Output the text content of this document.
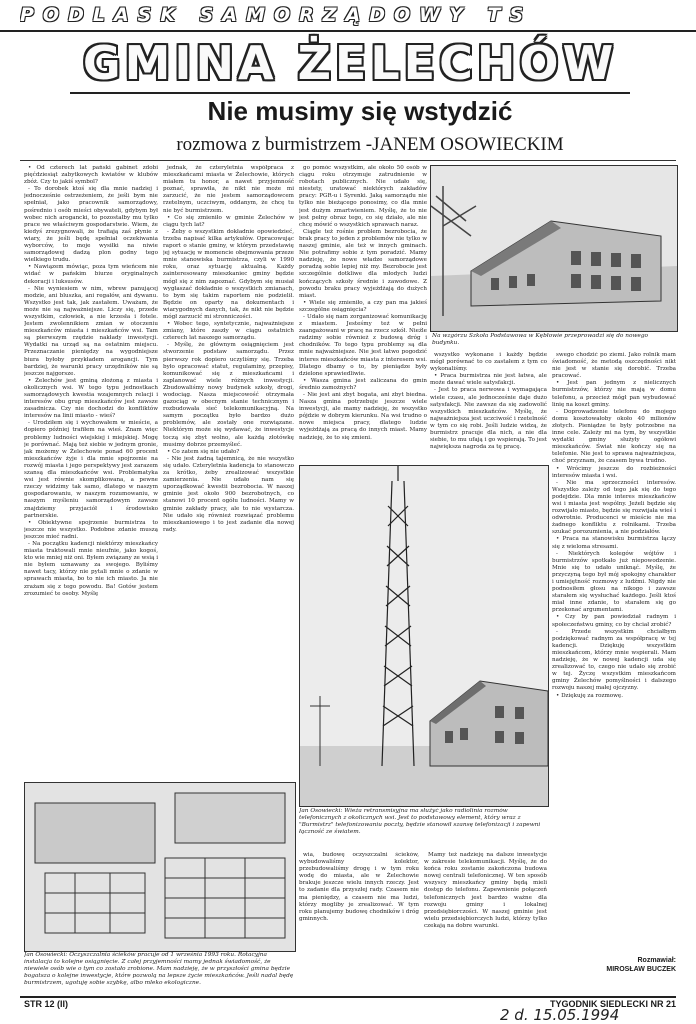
PODLASK SAMORZĄDOWY TS
GMINA ŻELECHÓW
Nie musimy się wstydzić
rozmowa z burmistrzem -JANEM OSOWIECKIM

• Od czterech lat pański gabinet zdobi pięćdziesiąt zabytkowych kwiatów w klubów zbóż. Czy to jakiś symbol?

- To dorobek ktoś się dla mnie nadziej i jednocześnie ostrzeżeniem, że jeśli bym nie spełniał, jako pracownik samorządowy, pośrednio i osób mieści obywateli, gdybym był wobec nich arogancki, to pozostałby mu tylko prace we właściwym gospodarstwie. Wiem, że kiedyś zrezygnowali, że trafiają zaś płynie z wiary, że jeśli będę spełniał oczekiwania wyborców, to moje wysiłki na niwie samorządowej dadzą plon godny tego wielkiego trudu.

• Nawiązem mówiąc, poza tym wieńcem nie widać w pańskim biurze oryginalnych dekoracji i luksusów.

- Nie wyniesiem w nim, wbrew panującej modzie, ani bluszka, ani regałów, ani dywanu. Wszystko jest tak, jak zastałem. Uważam, że może nie są najważniejsze. Liczy się, przede wszystkim, człowiek, a nie krzesła i fotele. Jestem zwolennikiem zmian w otoczeniu mieszkańców miasta i mieszkańców wsi. Tam są pierwszym rzędzie nakłady inwestycji. Wydatki na urząd są na ostatnim miejscu. Przeznaczanie pieniędzy na wygodniejsze biura byłoby przykładem arogancji. Tym bardziej, że warunki pracy urzędników nie są jeszcze najgorsze.

• Żelechów jest gminą złożoną z miasta i okolicznych wsi. W tego typu jednostkach samorządowych kwestia wzajemnych relacji i interesów obu grup mieszkańców jest zawsze zasadnicza. Czy nie dochodzi do konfliktów interesów na linii miasto - wieś?

- Urodziłem się i wychowałem w mieście, a dopiero później trafiłem na wieś. Znam więc problemy ludności wiejskiej i miejskiej. Mogę je porównać. Mają też siebie w jednym gronie, jak możemy w Żelechowie ponad 60 procent mieszkańców żyje i dla mnie spojrzenie na rozwój miasta i jego perspektywy jest zarazem szansą dla mieszkańców wsi. Problematyka wsi jest równie skomplikowana, a pewne rzeczy widzimy tak samo, dlatego w naszym gospodarowaniu, w naszym rozumowaniu, w naszym myśleniu samorządowym zawsze znajdziemy przyjaciół i środowisko partnerskie.

• Obiektywne spojrzenie burmistrza to jeszcze nie wszystko. Podobne zdanie muszą jeszcze mieć radni.

- Na początku kadencji niektórzy mieszkańcy miasta traktowali mnie nieufnie, jako kogoś, kto wie mniej niż oni. Byłem związany ze wsią i nie byłem uznawany za swojego. Byliśmy nawet tacy, którzy nie pytali mnie o zdanie w sprawach miasta, bo to nie ich miasto. Ja nie zrażam się z tego powodu. Ba! Gotów jestem zrozumieć te osoby. Myślę

jednak, że czteryletnia współpraca z mieszkańcami miasta w Żelechowie, których miałem tu honor, a nawet przyjemność poznać, sprawiła, że nikt nie może mi zarzucić, że nie jestem samorządowcem rzetelnym, uczciwym, oddanym, że chcę tu nie być burmistrzem.

• Co się zmieniło w gminie Żelechów w ciągu tych lat?

- Żeby o wszystkim dokładnie opowiedzieć, trzeba napisać kilka artykułów. Opracowując raport o stanie gminy, w którym przedstawię jej sytuację w momencie obejmowania przeze mnie stanowiska burmistrza, czyli w 1990 roku, oraz sytuację aktualną. Każdy zainteresowany mieszkaniec gminy będzie mógł się z nim zapoznać. Gdybym się musiał wygłaszać dokładnie o wszystkich zmianach, to bym się takim raportem nie podzielił. Będzie on oparty na dokumentach i wiarygodnych danych, tak, że nikt nie będzie mógł zarzucić mi stronniczości.

• Wobec tego, syntetycznie, najważniejsze zmiany, które zaszły w ciągu ostatnich czterech lat naszego samorządu.

- Myślę, że głównym osiągnięciem jest stworzenie podstaw samorządu. Przez pierwszy rok dopiero uczyliśmy się. Trzeba było opracować statut, regulaminy, przepisy, komunikować się z mieszkańcami i zaplanować wiele różnych inwestycji. Zbudowaliśmy nowy budynek szkoły, drogi, wodociąg. Nasza miejscowość otrzymała gazociąg w obecnym stanie technicznym i rozbudowała sieć telekomunikacyjną. Na samym początku było bardzo dużo problemów, ale zostały one rozwiązane. Niektórym może się wydawać, że inwestycje toczą się zbyt wolno, ale każdą złotówkę musimy dobrze przemyśleć.

• Co zatem się nie udało?

- Nie jest żadną tajemnicą, że nie wszystko się udało. Czteryletnia kadencja to stanowczo za krótko, żeby zrealizować wszystkie zamierzenia. Nie udało nam się uporządkować kwestii bezrobocia. W naszej gminie jest około 900 bezrobotnych, co stanowi 10 procent ogółu ludności. Mamy w gminie zakłady pracy, ale to nie wystarcza. Nie udało się również rozwiązać problemu mieszkaniowego i to jest zadanie dla nowej rady.

go pomóc wszystkim, ale około 50 osób w ciągu roku otrzymuje zatrudnienie w robotach publicznych. Nie udało się, niestety, uratować niektórych zakładów pracy: PGR-u i Syrenki. Jaką samorządu nie tylko nie bieżącego ponosimy, co dla mnie jest dużym zmartwieniem. Myślę, że to nie jest pełny obraz tego, co się działo, ale nie chcę mówić o wszystkich sprawach naraz.

Ciągle też rośnie problem bezrobocia, że brak pracy to jeden z problemów nie tylko w naszej gminie, ale też w innych gminach. Nie potrafimy sobie z tym poradzić. Mamy nadzieję, że nowe władze samorządowe poradzą sobie lepiej niż my. Bezrobocie jest szczególnie dotkliwe dla młodych ludzi kończących szkoły średnie i zawodowe. Z powodu braku pracy wyjeżdżają do dużych miast.

• Wiele się zmieniło, a czy pan ma jakieś szczególne osiągnięcia?

- Udało się nam zorganizować komunikację z miastem. Jesteśmy też w pełni zaangażowani w pracę na rzecz szkół. Nieźle radzimy sobie również z budową dróg i chodników. To tego typu problemy są dla mnie najważniejsze. Nie jest łatwo pogodzić interes mieszkańców miasta z interesem wsi. Dlatego dbamy o to, by pieniądze były dzielone sprawiedliwie.

• Wasza gmina jest zaliczana do gmin średnio zamożnych?

- Nie jest ani zbyt bogata, ani zbyt biedna. Nasza gmina potrzebuje jeszcze wiele inwestycji, ale mamy nadzieję, że wszystko pójdzie w dobrym kierunku. Na wsi trudno o nowe miejsca pracy, dlatego ludzie wyjeżdżają za pracą do innych miast. Mamy nadzieję, że to się zmieni.

Na wzgórzu Szkoła Podstawowa w Kębłowie przeprowadzi się do nowego budynku.

wszystko wykonane i każdy będzie mógł porównać to co zastałem z tym co wykonaliśmy.

• Praca burmistrza nie jest łatwa, ale może dawać wiele satysfakcji.

- Jest to praca nerwowa i wymagająca wiele czasu, ale jednocześnie daje dużo satysfakcji. Nie zawsze da się zadowolić wszystkich mieszkańców. Myślę, że najważniejsza jest uczciwość i rzetelność w tym co się robi. Jeśli ludzie widzą, że burmistrz pracuje dla nich, a nie dla siebie, to mu ufają i go wspierają. To jest największa nagroda za tę pracę.

swego chodzić po ziemi. Jako rolnik mam świadomość, że metodą oszczędności nikt nie jest w stanie się dorobić. Trzeba pracować.

• Jest pan jednym z nielicznych burmistrzów, którzy nie mają w domu telefonu, a przecież mógł pan wybudować linię na koszt gminy.

- Doprowadzenie telefonu do mojego domu kosztowałoby około 40 milionów złotych. Pieniądze te były potrzebne na inne cele. Zależy mi na tym, by wszystkie wydatki gminy służyły ogółowi mieszkańców. Świat nie kończy się na telefonie. Nie jest to sprawa najważniejsza, choć przyznam, że czasem bywa trudno.

• Wrócimy jeszcze do rozbieżności interesów miasta i wsi.

- Nie ma sprzeczności interesów. Wszystko zależy od tego jak się do tego podejdzie. Dla mnie interes mieszkańców wsi i miasta jest wspólny. Jeżeli będzie się rozwijało miasto, będzie się rozwijała wieś i odwrotnie. Producenci w mieście nie ma żadnego konfliktu z rolnikami. Trzeba szukać porozumienia, a nie podziałów.

• Praca na stanowisku burmistrza łączy się z wieloma stresami.

- Niektórych kolegów wójtów i burmistrzów spotkało już niepowodzenie. Mnie się to udało uniknąć. Myślę, że przyczyną tego był mój spokojny charakter i umiejętność rozmowy z ludźmi. Nigdy nie podnosiłem głosu na nikogo i zawsze starałem się wysłuchać każdego. Jeśli ktoś miał inne zdanie, to starałem się go przekonać argumentami.

• Czy by pan powiedział radnym i społeczeństwu gminy, co by chciał zrobić?

- Przede wszystkim chciałbym podziękować radnym za współpracę w tej kadencji. Dziękuję wszystkim mieszkańcom, którzy mnie wspierali. Mam nadzieję, że w nowej kadencji uda się zrealizować to, czego nie udało się zrobić w tej. Życzę wszystkim mieszkańcom gminy Żelechów pomyślności i dalszego rozwoju naszej małej ojczyzny.

• Dziękuję za rozmowę.

Jan Osowiecki: Wieża retransmisyjna ma służyć jako radiolinia rozmów telefonicznych z okolicznych wsi. Jest to podstawowy element, który wraz z "Burmistrz" telefonizowaniu poczty, będzie stanowił szansę telefonizacji i zapewni łączność ze światem.

wia, budowę oczyszczalni ścieków, wybudowaliśmy kolektor, przebudowaliśmy drogę i w tym roku wodę do miasta, ale w Żelechowie brakuje jeszcze wielu innych rzeczy. Jest to zadanie dla przyszłej rady. Czasem nie ma pieniędzy, a czasem nie ma ludzi, którzy mogliby je zrealizować. W tym roku planujemy budowę chodników i dróg gminnych.

Mamy też nadzieję na dalsze inwestycje w zakresie telekomunikacji. Myślę, że do końca roku zostanie zakończona budowa nowej centrali telefonicznej. W ten sposób wszyscy mieszkańcy gminy będą mieli dostęp do telefonu. Zapewnienie połączeń telefonicznych jest bardzo ważne dla rozwoju gminy i lokalnej przedsiębiorczości. W naszej gminie jest wielu przedsiębiorczych ludzi, którzy tylko czekają na dobre warunki.

Jan Osowiecki: Oczyszczalnia ścieków pracuje od 1 września 1993 roku. Rotacyjna instalacja to kolejne osiągnięcie. Z całej przyjemności mamy jednak świadomość, że niewiele osób wie o tym co zostało zrobione. Mam nadzieję, że w przyszłości gmina będzie bogatsza o kolejne inwestycje, które pozwolą na lepsze życie mieszkańców. Jeśli nadal będę burmistrzem, ugotuję sobie szybkę, albo mleko ekologiczne.
Rozmawiał:
MIROSŁAW BUCZEK
STR 12 (II)	TYGODNIK SIEDLECKI NR 21
2 d. 15.05.1994
